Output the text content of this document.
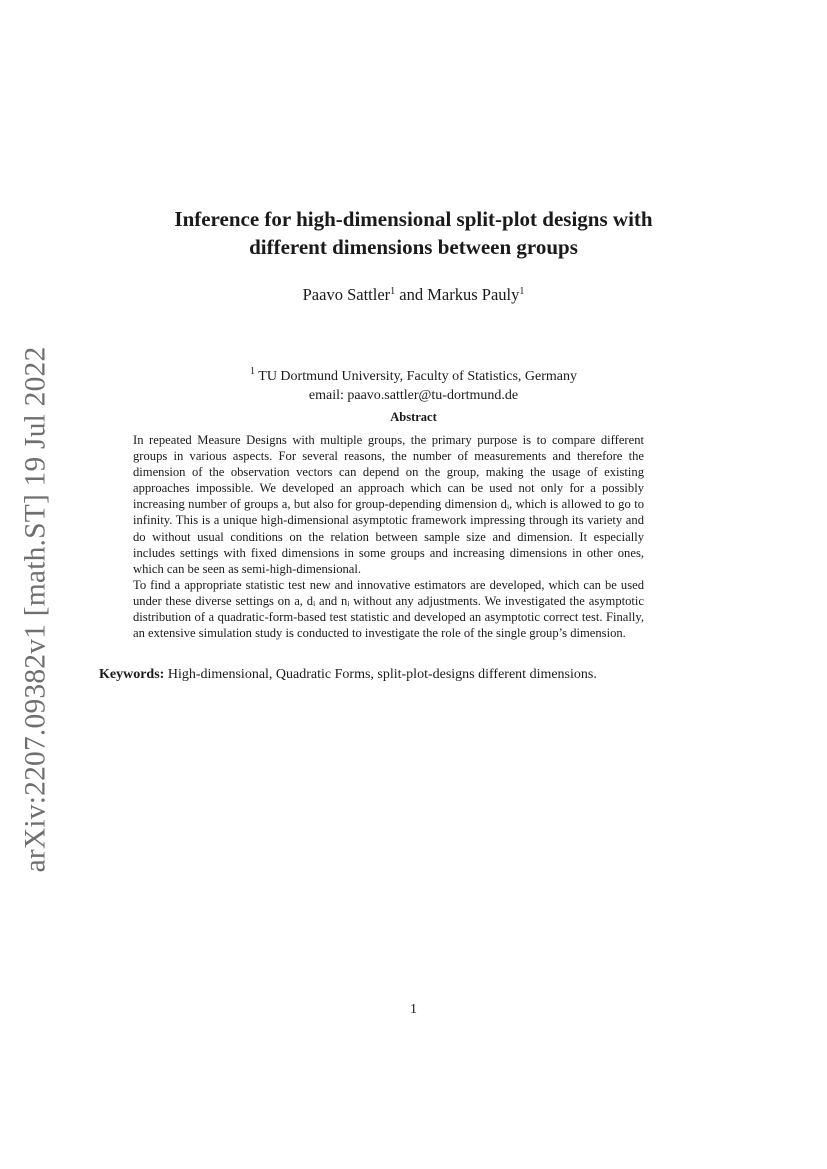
arXiv:2207.09382v1 [math.ST] 19 Jul 2022
Inference for high-dimensional split-plot designs with
different dimensions between groups
Paavo Sattler$^1$ and Markus Pauly$^1$
$^1$ TU Dortmund University, Faculty of Statistics, Germany
email: paavo.sattler@tu-dortmund.de
Abstract

In repeated Measure Designs with multiple groups, the primary purpose is to compare different groups in various aspects. For several reasons, the number of measurements and therefore the dimension of the observation vectors can depend on the group, making the usage of existing approaches impossible. We developed an approach which can be used not only for a possibly increasing number of groups a, but also for group-depending dimension dᵢ, which is allowed to go to infinity. This is a unique high-dimensional asymptotic framework impressing through its variety and do without usual conditions on the relation between sample size and dimension. It especially includes settings with fixed dimensions in some groups and increasing dimensions in other ones, which can be seen as semi-high-dimensional.

To find a appropriate statistic test new and innovative estimators are developed, which can be used under these diverse settings on a, dᵢ and nᵢ without any adjustments. We investigated the asymptotic distribution of a quadratic-form-based test statistic and developed an asymptotic correct test. Finally, an extensive simulation study is conducted to investigate the role of the single group’s dimension.

Keywords: High-dimensional, Quadratic Forms, split-plot-designs different dimensions.
1
